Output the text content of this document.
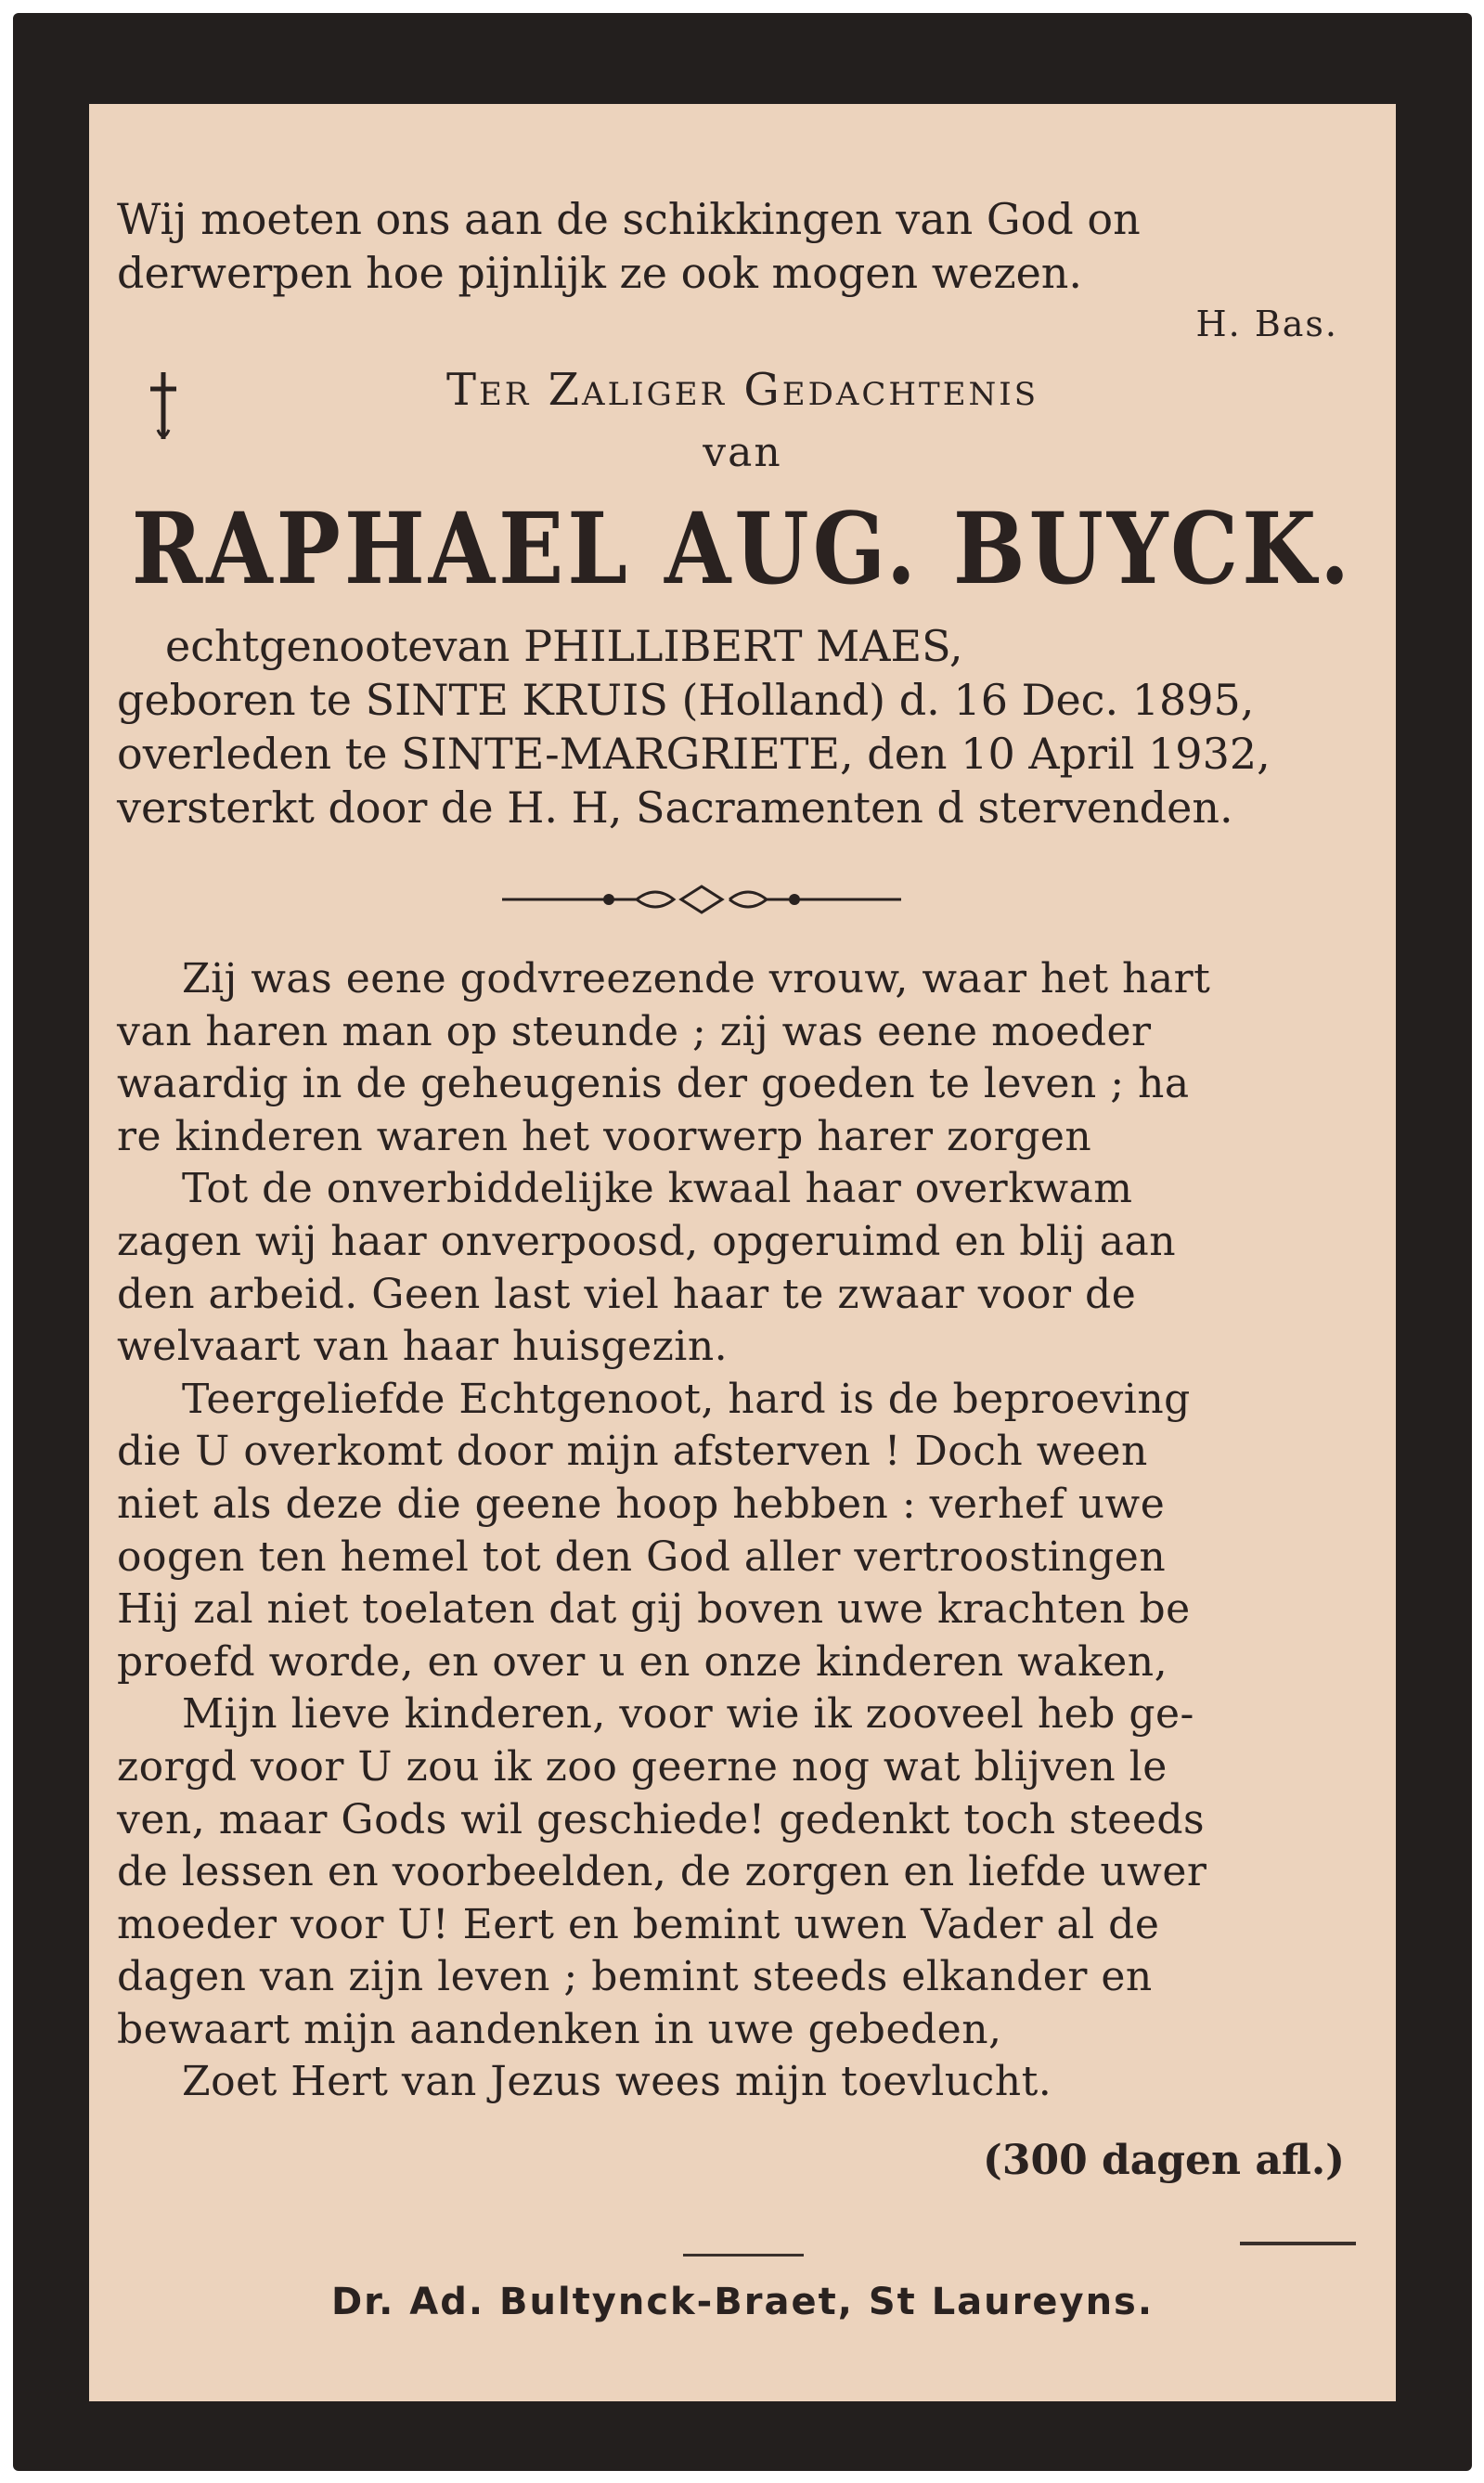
Wij moeten ons aan de schikkingen van God on
derwerpen hoe pijnlijk ze ook mogen wezen.
H. Bas.
Ter Zaliger Gedachtenis
van
RAPHAEL AUG. BUYCK.
echtgenootevan PHILLIBERT MAES,
geboren te SINTE KRUIS (Holland) d. 16 Dec. 1895,
overleden te SINTE-MARGRIETE, den 10 April 1932,
versterkt door de H. H, Sacramenten d stervenden.
Zij was eene godvreezende vrouw, waar het hart
van haren man op steunde ; zij was eene moeder
waardig in de geheugenis der goeden te leven ; ha
re kinderen waren het voorwerp harer zorgen
Tot de onverbiddelijke kwaal haar overkwam
zagen wij haar onverpoosd, opgeruimd en blij aan
den arbeid. Geen last viel haar te zwaar voor de
welvaart van haar huisgezin.
Teergeliefde Echtgenoot, hard is de beproeving
die U overkomt door mijn afsterven ! Doch ween
niet als deze die geene hoop hebben : verhef uwe
oogen ten hemel tot den God aller vertroostingen
Hij zal niet toelaten dat gij boven uwe krachten be
proefd worde, en over u en onze kinderen waken,
Mijn lieve kinderen, voor wie ik zooveel heb ge-
zorgd voor U zou ik zoo geerne nog wat blijven le
ven, maar Gods wil geschiede! gedenkt toch steeds
de lessen en voorbeelden, de zorgen en liefde uwer
moeder voor U! Eert en bemint uwen Vader al de
dagen van zijn leven ; bemint steeds elkander en
bewaart mijn aandenken in uwe gebeden,
Zoet Hert van Jezus wees mijn toevlucht.
(300 dagen afl.)
Dr. Ad. Bultynck-Braet, St Laureyns.
